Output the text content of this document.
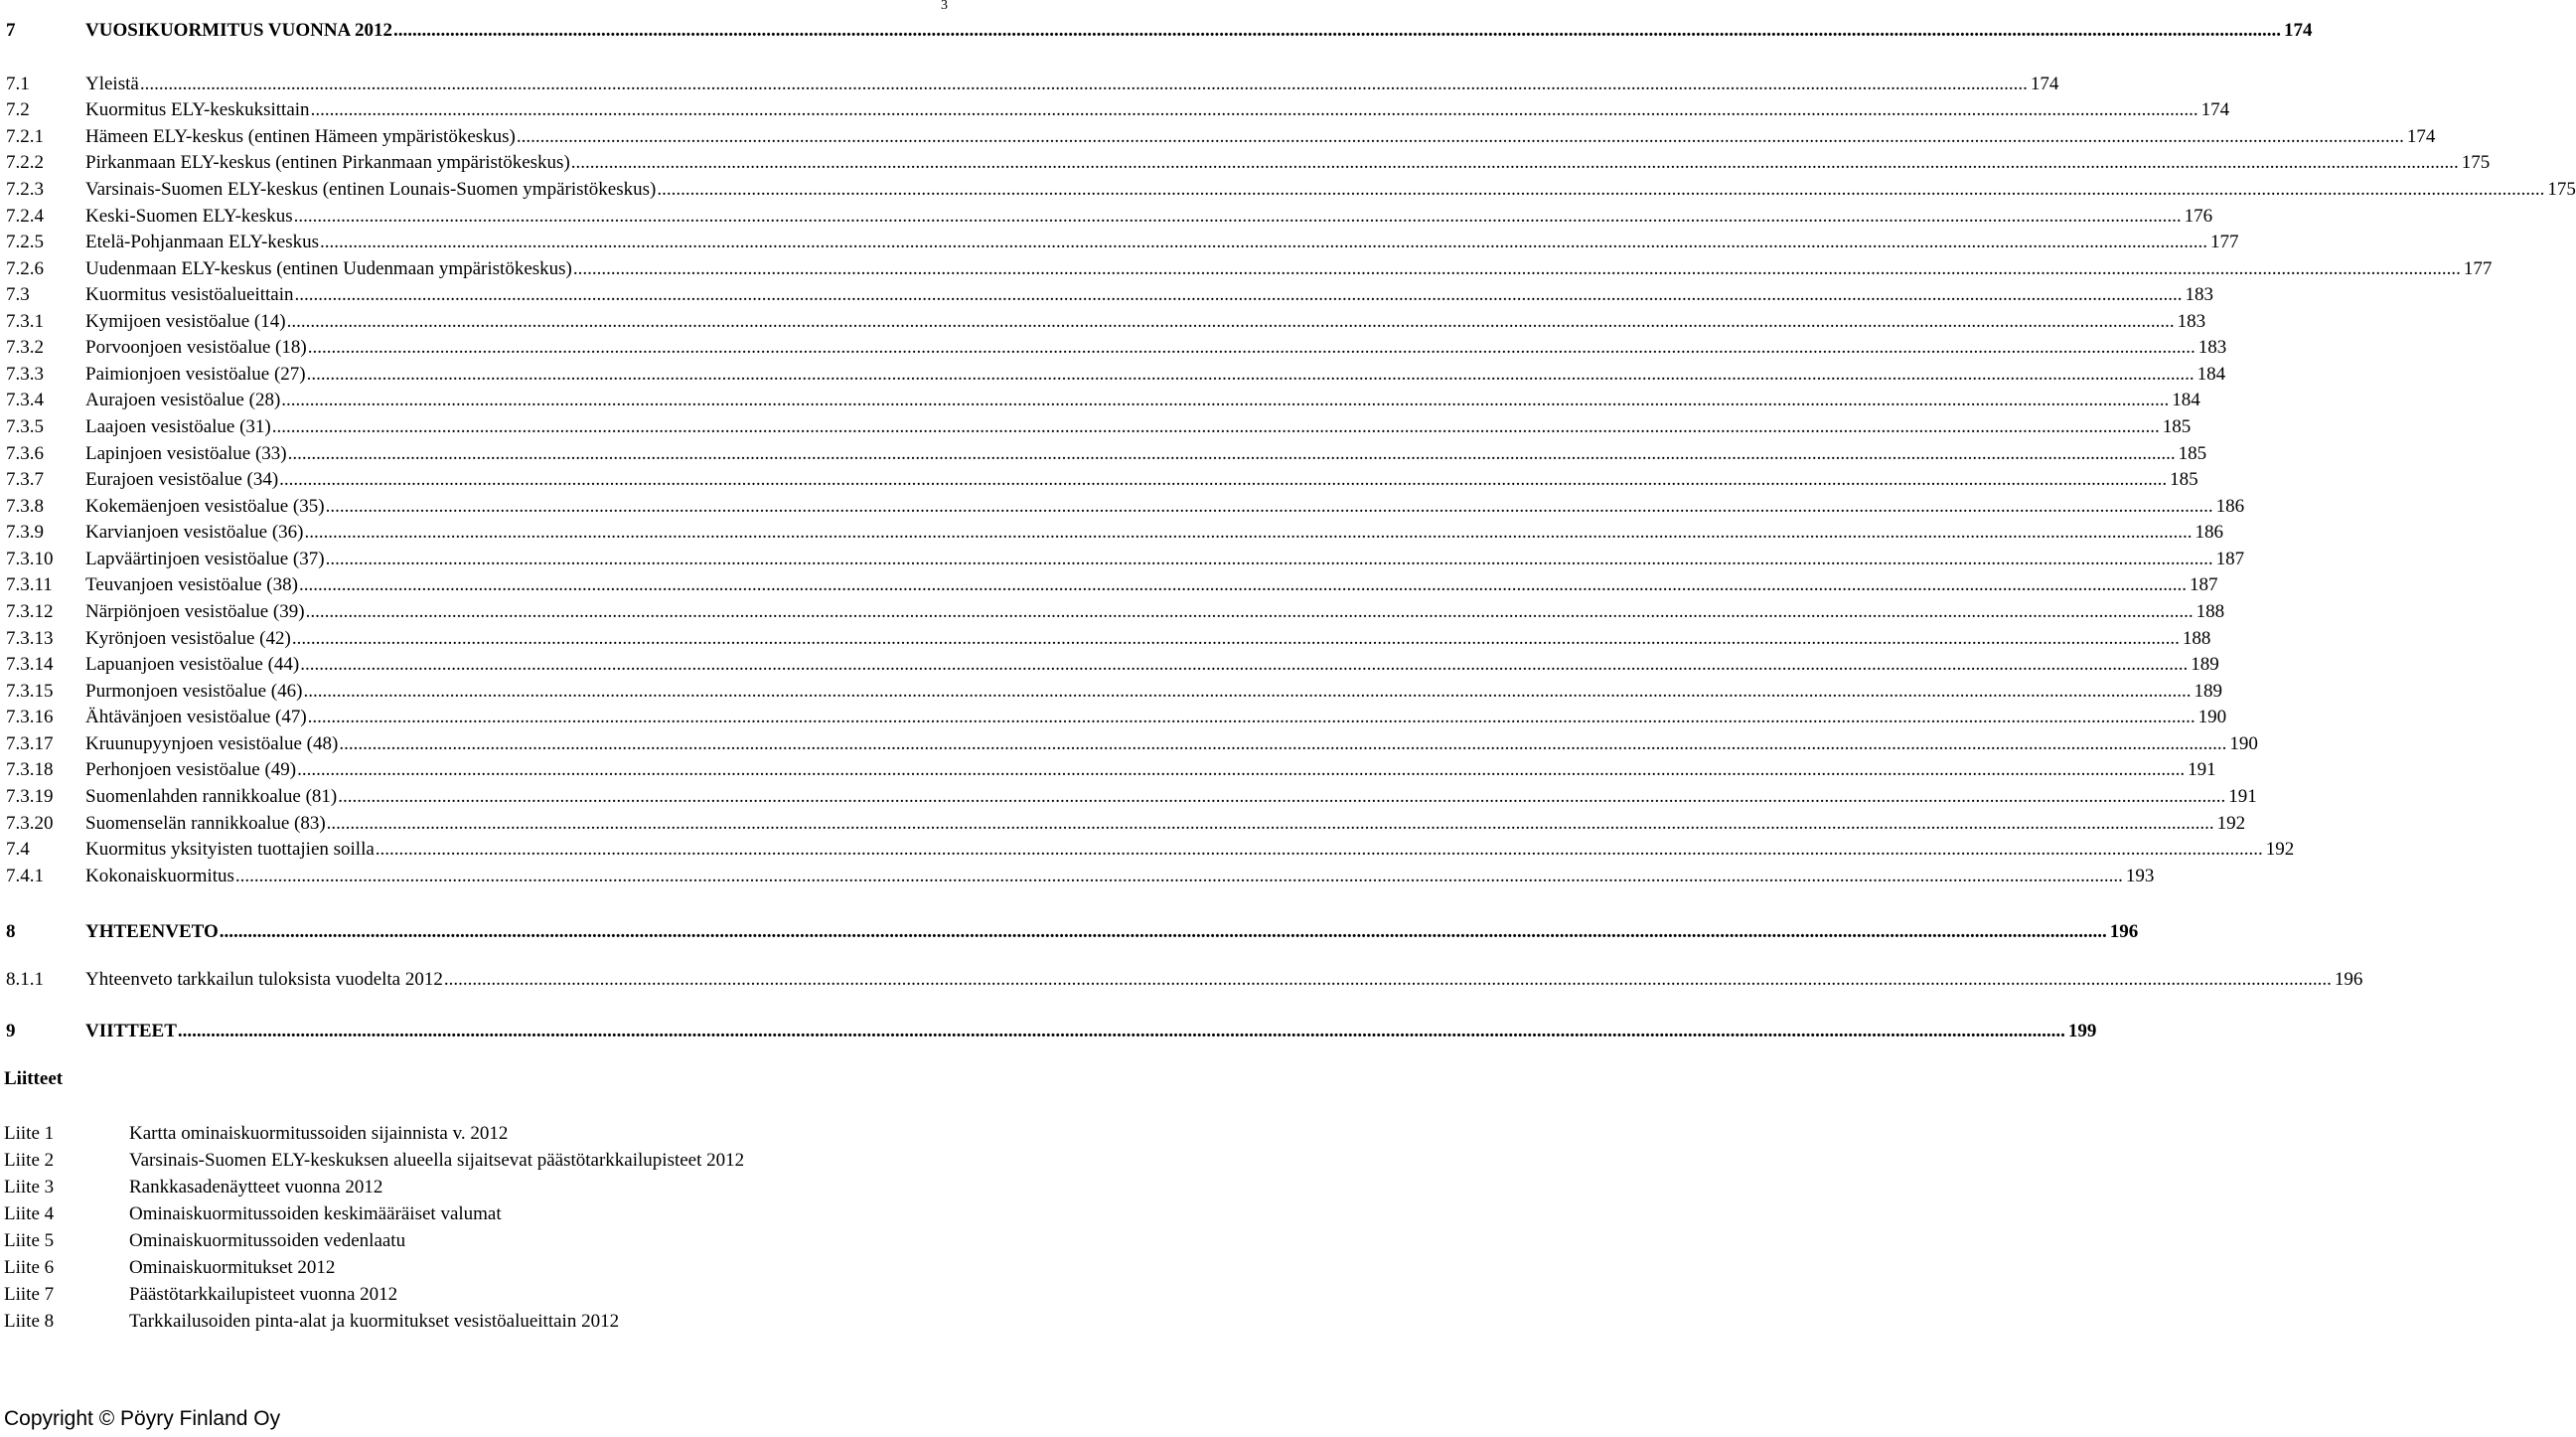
3
7	VUOSIKUORMITUS VUONNA 2012 ................................................................................................................................................................................................................................................................................................................................................................................................................ 174
7.1	Yleistä ................................................................................................................................................................................................................................................................................................................................................................................................................ 174
7.2	Kuormitus ELY-keskuksittain ................................................................................................................................................................................................................................................................................................................................................................................................................ 174
7.2.1 Hämeen ELY-keskus (entinen Hämeen ympäristökeskus) ................................................................................................................................................................................................................................................................................................................................................................................................................ 174
7.2.2 Pirkanmaan ELY-keskus (entinen Pirkanmaan ympäristökeskus) ................................................................................................................................................................................................................................................................................................................................................................................................................ 175
7.2.3 Varsinais-Suomen ELY-keskus (entinen Lounais-Suomen ympäristökeskus) ................................................................................................................................................................................................................................................................................................................................................................................................................ 175
7.2.4 Keski-Suomen ELY-keskus ................................................................................................................................................................................................................................................................................................................................................................................................................ 176
7.2.5 Etelä-Pohjanmaan ELY-keskus ................................................................................................................................................................................................................................................................................................................................................................................................................ 177
7.2.6 Uudenmaan ELY-keskus (entinen Uudenmaan ympäristökeskus) ................................................................................................................................................................................................................................................................................................................................................................................................................ 177
7.3	Kuormitus vesistöalueittain ................................................................................................................................................................................................................................................................................................................................................................................................................ 183
7.3.1 Kymijoen vesistöalue (14) ................................................................................................................................................................................................................................................................................................................................................................................................................ 183
7.3.2 Porvoonjoen vesistöalue (18) ................................................................................................................................................................................................................................................................................................................................................................................................................ 183
7.3.3 Paimionjoen vesistöalue (27) ................................................................................................................................................................................................................................................................................................................................................................................................................ 184
7.3.4 Aurajoen vesistöalue (28) ................................................................................................................................................................................................................................................................................................................................................................................................................ 184
7.3.5 Laajoen vesistöalue (31) ................................................................................................................................................................................................................................................................................................................................................................................................................ 185
7.3.6 Lapinjoen vesistöalue (33) ................................................................................................................................................................................................................................................................................................................................................................................................................ 185
7.3.7 Eurajoen vesistöalue (34) ................................................................................................................................................................................................................................................................................................................................................................................................................ 185
7.3.8 Kokemäenjoen vesistöalue (35) ................................................................................................................................................................................................................................................................................................................................................................................................................ 186
7.3.9 Karvianjoen vesistöalue (36) ................................................................................................................................................................................................................................................................................................................................................................................................................ 186
7.3.10 Lapväärtinjoen vesistöalue (37) ................................................................................................................................................................................................................................................................................................................................................................................................................ 187
7.3.11 Teuvanjoen vesistöalue (38) ................................................................................................................................................................................................................................................................................................................................................................................................................ 187
7.3.12 Närpiönjoen vesistöalue (39) ................................................................................................................................................................................................................................................................................................................................................................................................................ 188
7.3.13 Kyrönjoen vesistöalue (42) ................................................................................................................................................................................................................................................................................................................................................................................................................ 188
7.3.14 Lapuanjoen vesistöalue (44) ................................................................................................................................................................................................................................................................................................................................................................................................................ 189
7.3.15 Purmonjoen vesistöalue (46) ................................................................................................................................................................................................................................................................................................................................................................................................................ 189
7.3.16 Ähtävänjoen vesistöalue (47) ................................................................................................................................................................................................................................................................................................................................................................................................................ 190
7.3.17 Kruunupyynjoen vesistöalue (48) ................................................................................................................................................................................................................................................................................................................................................................................................................ 190
7.3.18 Perhonjoen vesistöalue (49) ................................................................................................................................................................................................................................................................................................................................................................................................................ 191
7.3.19 Suomenlahden rannikkoalue (81) ................................................................................................................................................................................................................................................................................................................................................................................................................ 191
7.3.20 Suomenselän rannikkoalue (83) ................................................................................................................................................................................................................................................................................................................................................................................................................ 192
7.4	Kuormitus yksityisten tuottajien soilla ................................................................................................................................................................................................................................................................................................................................................................................................................ 192
7.4.1 Kokonaiskuormitus ................................................................................................................................................................................................................................................................................................................................................................................................................ 193
8	YHTEENVETO ................................................................................................................................................................................................................................................................................................................................................................................................................ 196
8.1.1 Yhteenveto tarkkailun tuloksista vuodelta 2012 ................................................................................................................................................................................................................................................................................................................................................................................................................ 196
9	VIITTEET ................................................................................................................................................................................................................................................................................................................................................................................................................ 199
Liitteet
Liite 1	Kartta ominaiskuormitussoiden sijainnista v. 2012
Liite 2	Varsinais-Suomen ELY-keskuksen alueella sijaitsevat päästötarkkailupisteet 2012
Liite 3	Rankkasadenäytteet vuonna 2012
Liite 4	Ominaiskuormitussoiden keskimääräiset valumat
Liite 5	Ominaiskuormitussoiden vedenlaatu
Liite 6	Ominaiskuormitukset 2012
Liite 7	Päästötarkkailupisteet vuonna 2012
Liite 8	Tarkkailusoiden pinta-alat ja kuormitukset vesistöalueittain 2012
Copyright © Pöyry Finland Oy
